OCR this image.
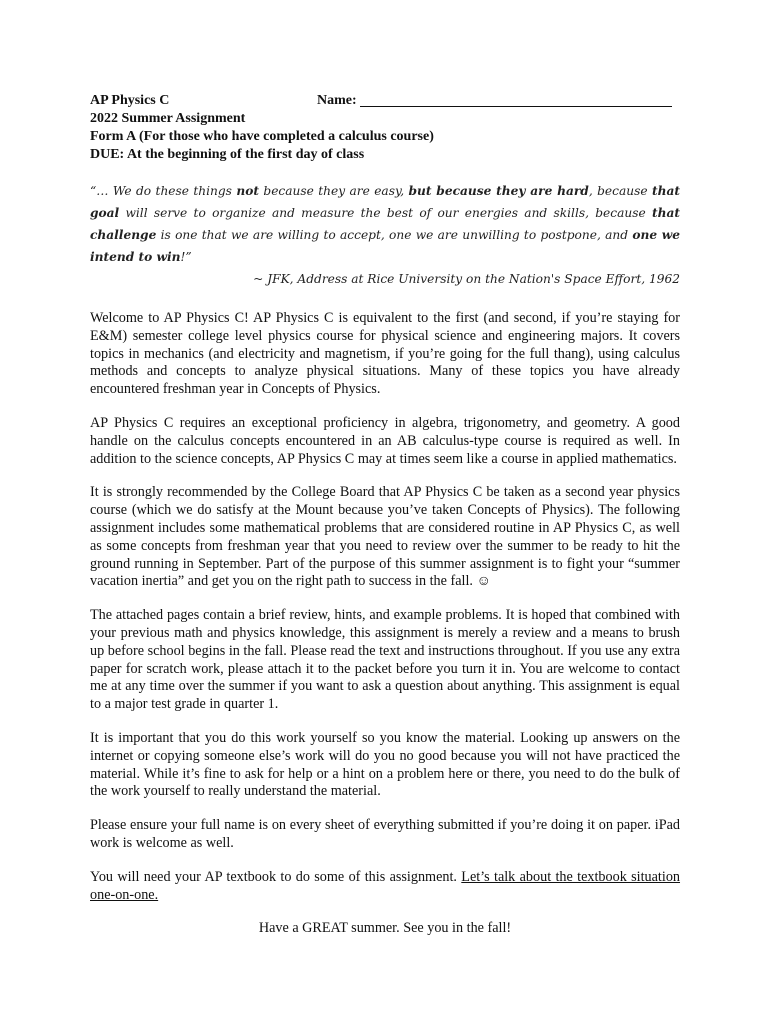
AP Physics C	Name:
2022 Summer Assignment
Form A (For those who have completed a calculus course)
DUE: At the beginning of the first day of class
“… We do these things not because they are easy, but because they are hard, because that goal will serve to organize and measure the best of our energies and skills, because that challenge is one that we are willing to accept, one we are unwilling to postpone, and one we intend to win!”
~ JFK, Address at Rice University on the Nation's Space Effort, 1962

Welcome to AP Physics C! AP Physics C is equivalent to the first (and second, if you’re staying for E&M) semester college level physics course for physical science and engineering majors. It covers topics in mechanics (and electricity and magnetism, if you’re going for the full thang), using calculus methods and concepts to analyze physical situations. Many of these topics you have already encountered freshman year in Concepts of Physics.

AP Physics C requires an exceptional proficiency in algebra, trigonometry, and geometry. A good handle on the calculus concepts encountered in an AB calculus-type course is required as well. In addition to the science concepts, AP Physics C may at times seem like a course in applied mathematics.

It is strongly recommended by the College Board that AP Physics C be taken as a second year physics course (which we do satisfy at the Mount because you’ve taken Concepts of Physics). The following assignment includes some mathematical problems that are considered routine in AP Physics C, as well as some concepts from freshman year that you need to review over the summer to be ready to hit the ground running in September. Part of the purpose of this summer assignment is to fight your “summer vacation inertia” and get you on the right path to success in the fall. ☺

The attached pages contain a brief review, hints, and example problems. It is hoped that combined with your previous math and physics knowledge, this assignment is merely a review and a means to brush up before school begins in the fall. Please read the text and instructions throughout. If you use any extra paper for scratch work, please attach it to the packet before you turn it in. You are welcome to contact me at any time over the summer if you want to ask a question about anything. This assignment is equal to a major test grade in quarter 1.

It is important that you do this work yourself so you know the material. Looking up answers on the internet or copying someone else’s work will do you no good because you will not have practiced the material. While it’s fine to ask for help or a hint on a problem here or there, you need to do the bulk of the work yourself to really understand the material.

Please ensure your full name is on every sheet of everything submitted if you’re doing it on paper. iPad work is welcome as well.

You will need your AP textbook to do some of this assignment. Let’s talk about the textbook situation one-on-one.

Have a GREAT summer. See you in the fall!
